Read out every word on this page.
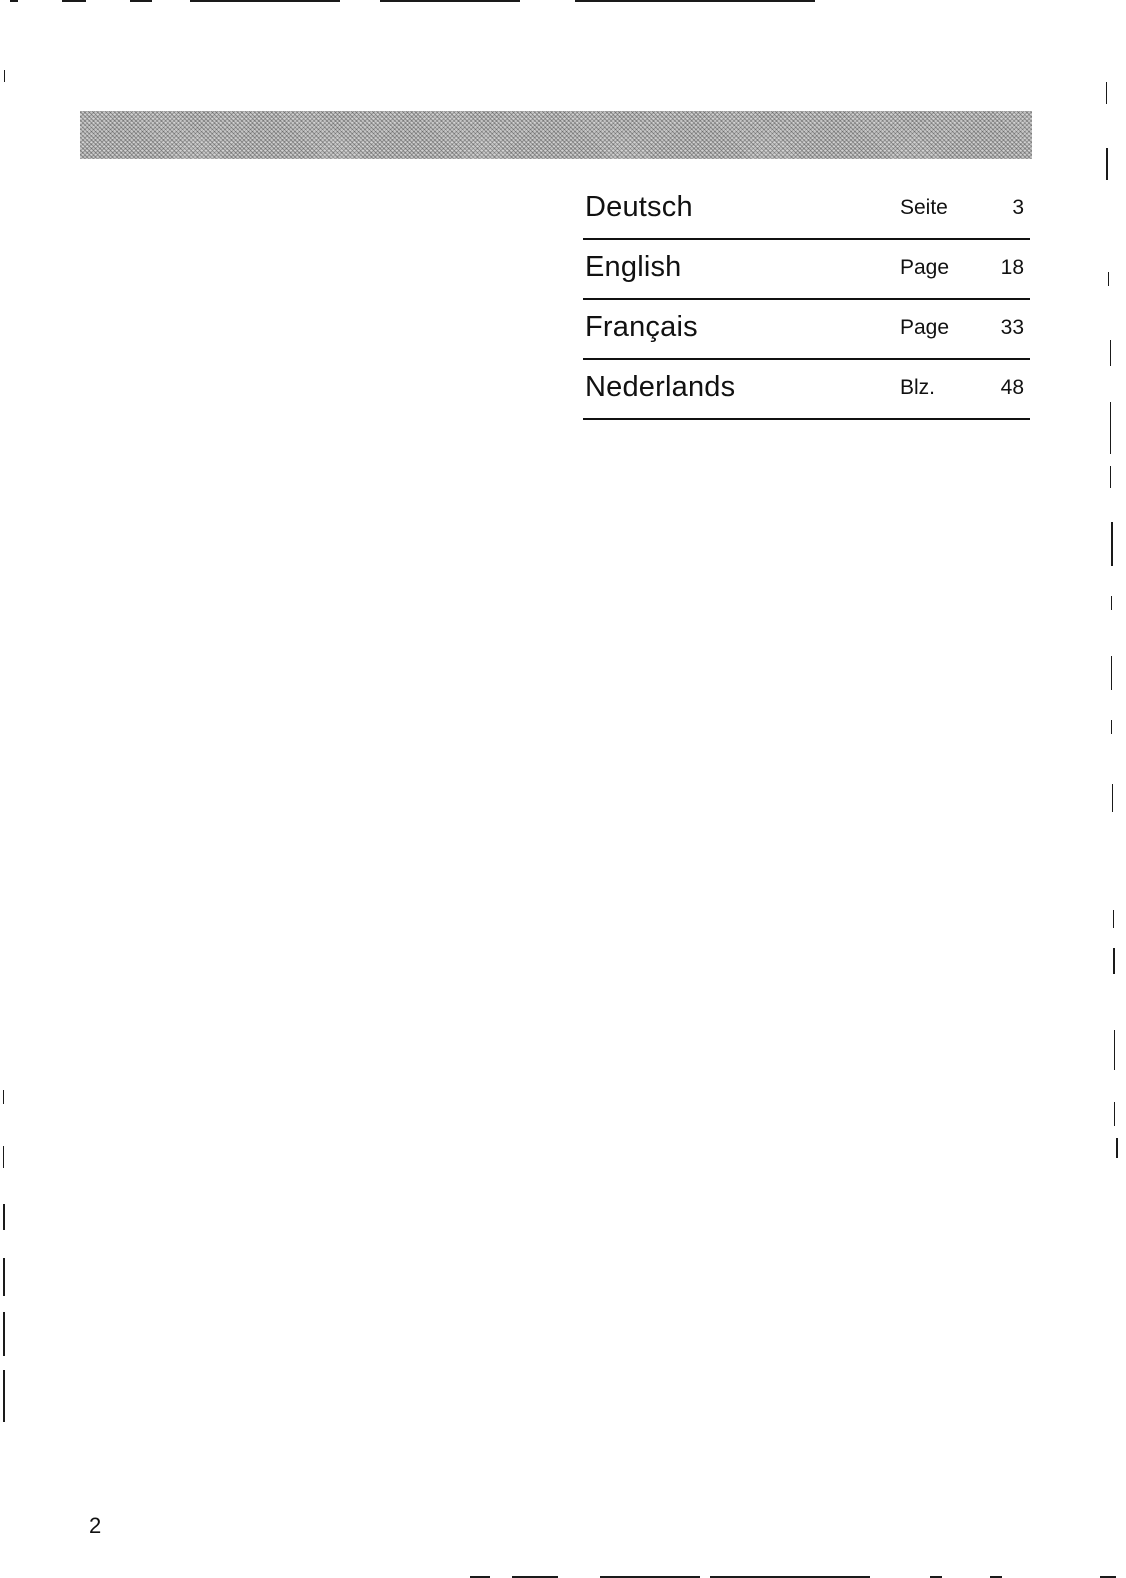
Deutsch	Seite	3
English	Page 18
Français	Page 33
Nederlands	Blz.	48
2
